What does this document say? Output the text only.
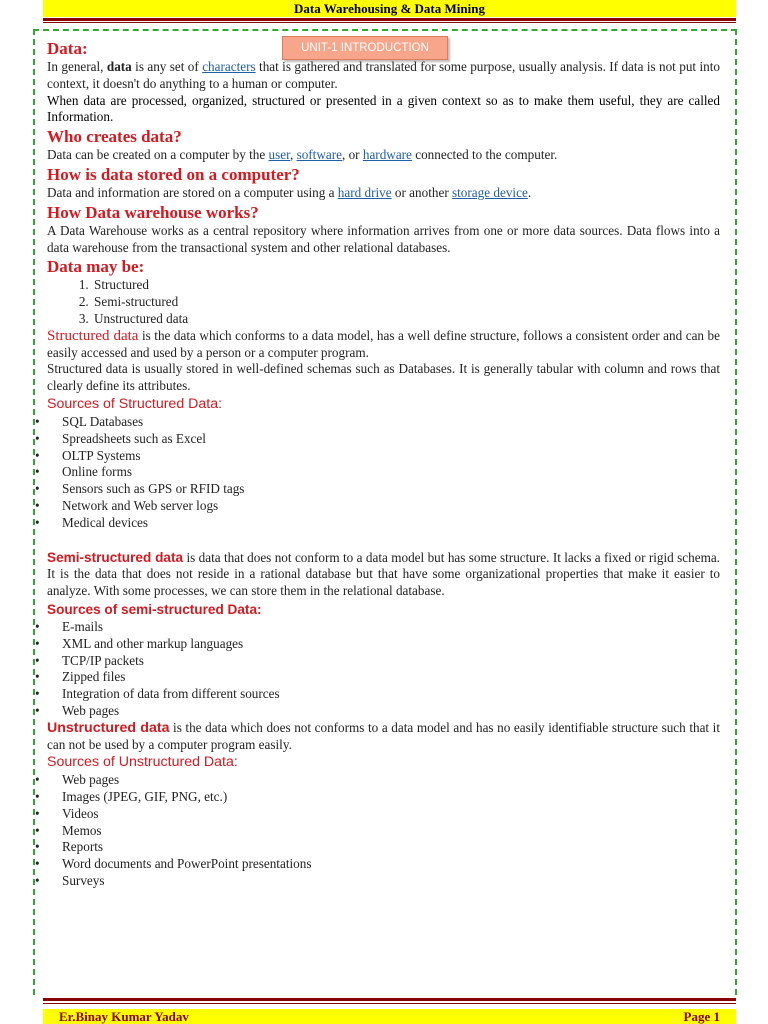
Data Warehousing & Data Mining
UNIT-1 INTRODUCTION
Data:

In general, data is any set of characters that is gathered and translated for some purpose, usually analysis. If data is not put into context, it doesn't do anything to a human or computer.

When data are processed, organized, structured or presented in a given context so as to make them useful, they are called Information.

Who creates data?

Data can be created on a computer by the user, software, or hardware connected to the computer.

How is data stored on a computer?

Data and information are stored on a computer using a hard drive or another storage device.

How Data warehouse works?

A Data Warehouse works as a central repository where information arrives from one or more data sources. Data flows into a data warehouse from the transactional system and other relational databases.

Data may be:
1. Structured
2. Semi-structured
3. Unstructured data

Structured data is the data which conforms to a data model, has a well define structure, follows a consistent order and can be easily accessed and used by a person or a computer program.

Structured data is usually stored in well-defined schemas such as Databases. It is generally tabular with column and rows that clearly define its attributes.

Sources of Structured Data:
• SQL Databases
• Spreadsheets such as Excel
• OLTP Systems
• Online forms
• Sensors such as GPS or RFID tags
• Network and Web server logs
• Medical devices

Semi-structured data is data that does not conform to a data model but has some structure. It lacks a fixed or rigid schema. It is the data that does not reside in a rational database but that have some organizational properties that make it easier to analyze. With some processes, we can store them in the relational database.

Sources of semi-structured Data:
• E-mails
• XML and other markup languages
• TCP/IP packets
• Zipped files
• Integration of data from different sources
• Web pages

Unstructured data is the data which does not conforms to a data model and has no easily identifiable structure such that it can not be used by a computer program easily.

Sources of Unstructured Data:
• Web pages
• Images (JPEG, GIF, PNG, etc.)
• Videos
• Memos
• Reports
• Word documents and PowerPoint presentations
• Surveys
Er.Binay Kumar Yadav	Page 1
